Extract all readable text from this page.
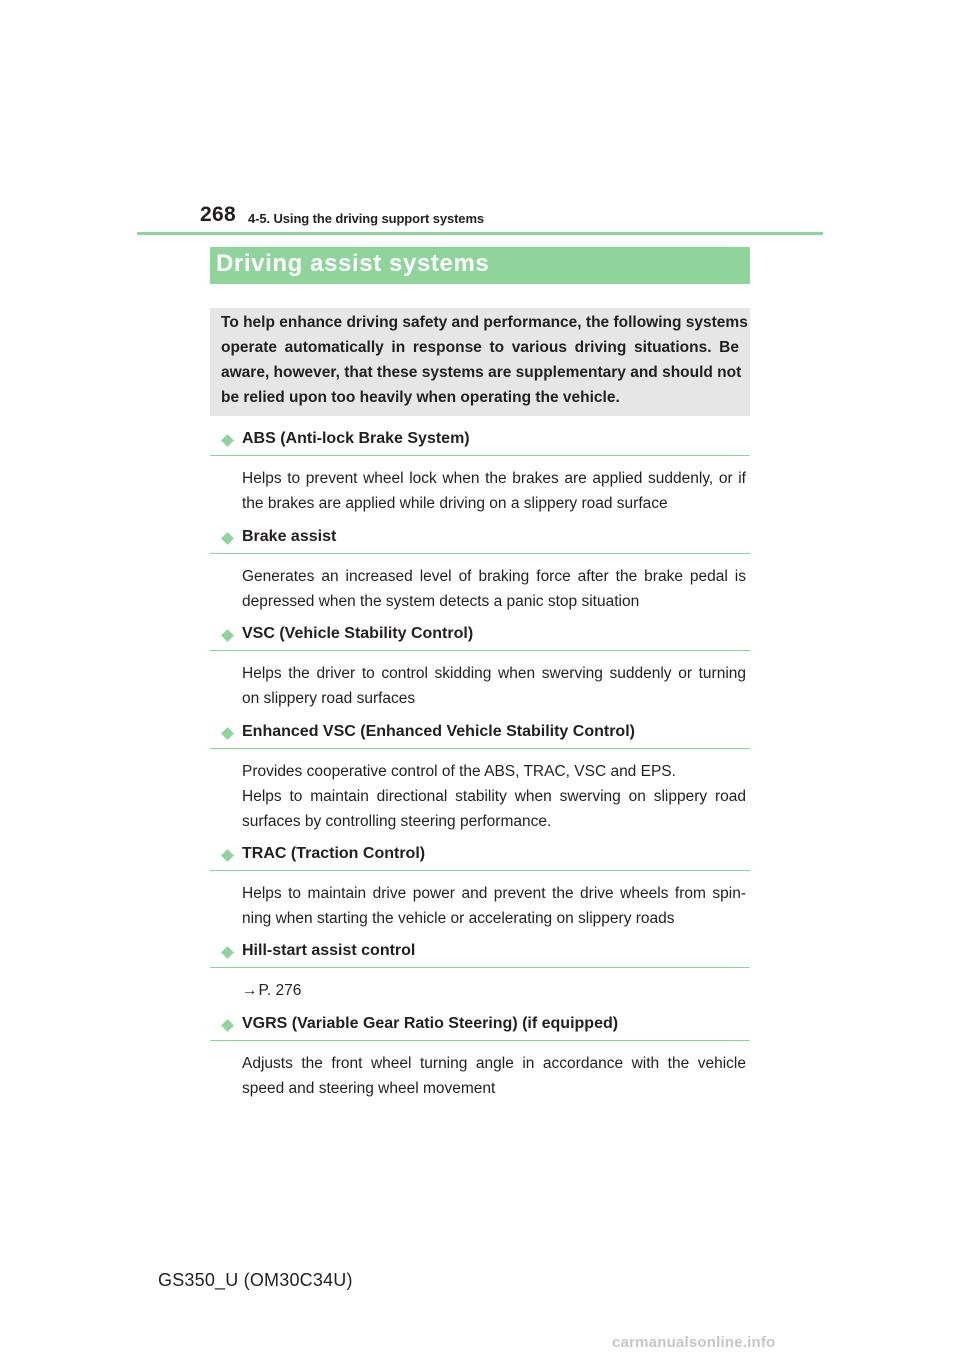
268 4-5. Using the driving support systems
Driving assist systems
To help enhance driving safety and performance, the following systems
operate automatically in response to various driving situations. Be
aware, however, that these systems are supplementary and should not
be relied upon too heavily when operating the vehicle.
ABS (Anti-lock Brake System)
Helps to prevent wheel lock when the brakes are applied suddenly, or if
the brakes are applied while driving on a slippery road surface
Brake assist
Generates an increased level of braking force after the brake pedal is
depressed when the system detects a panic stop situation
VSC (Vehicle Stability Control)
Helps the driver to control skidding when swerving suddenly or turning
on slippery road surfaces
Enhanced VSC (Enhanced Vehicle Stability Control)
Provides cooperative control of the ABS, TRAC, VSC and EPS.
Helps to maintain directional stability when swerving on slippery road
surfaces by controlling steering performance.
TRAC (Traction Control)
Helps to maintain drive power and prevent the drive wheels from spin-
ning when starting the vehicle or accelerating on slippery roads
Hill-start assist control
→P. 276
VGRS (Variable Gear Ratio Steering) (if equipped)
Adjusts the front wheel turning angle in accordance with the vehicle
speed and steering wheel movement
GS350_U (OM30C34U)
carmanualsonline.info
